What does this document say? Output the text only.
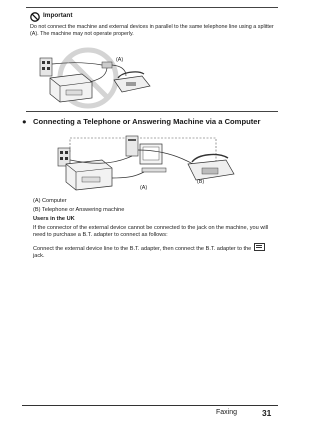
Important
Do not connect the machine and external devices in parallel to the same telephone line using a splitter (A). The machine may not operate properly.
(A)
● Connecting a Telephone or Answering Machine via a Computer
(A)
(B)
(A) Computer
(B) Telephone or Answering machine
Users in the UK
If the connector of the external device cannot be connected to the jack on the machine, you will need to purchase a B.T. adapter to connect as follows:
Connect the external device line to the B.T. adapter, then connect the B.T. adapter to the

jack.
Faxing	31
